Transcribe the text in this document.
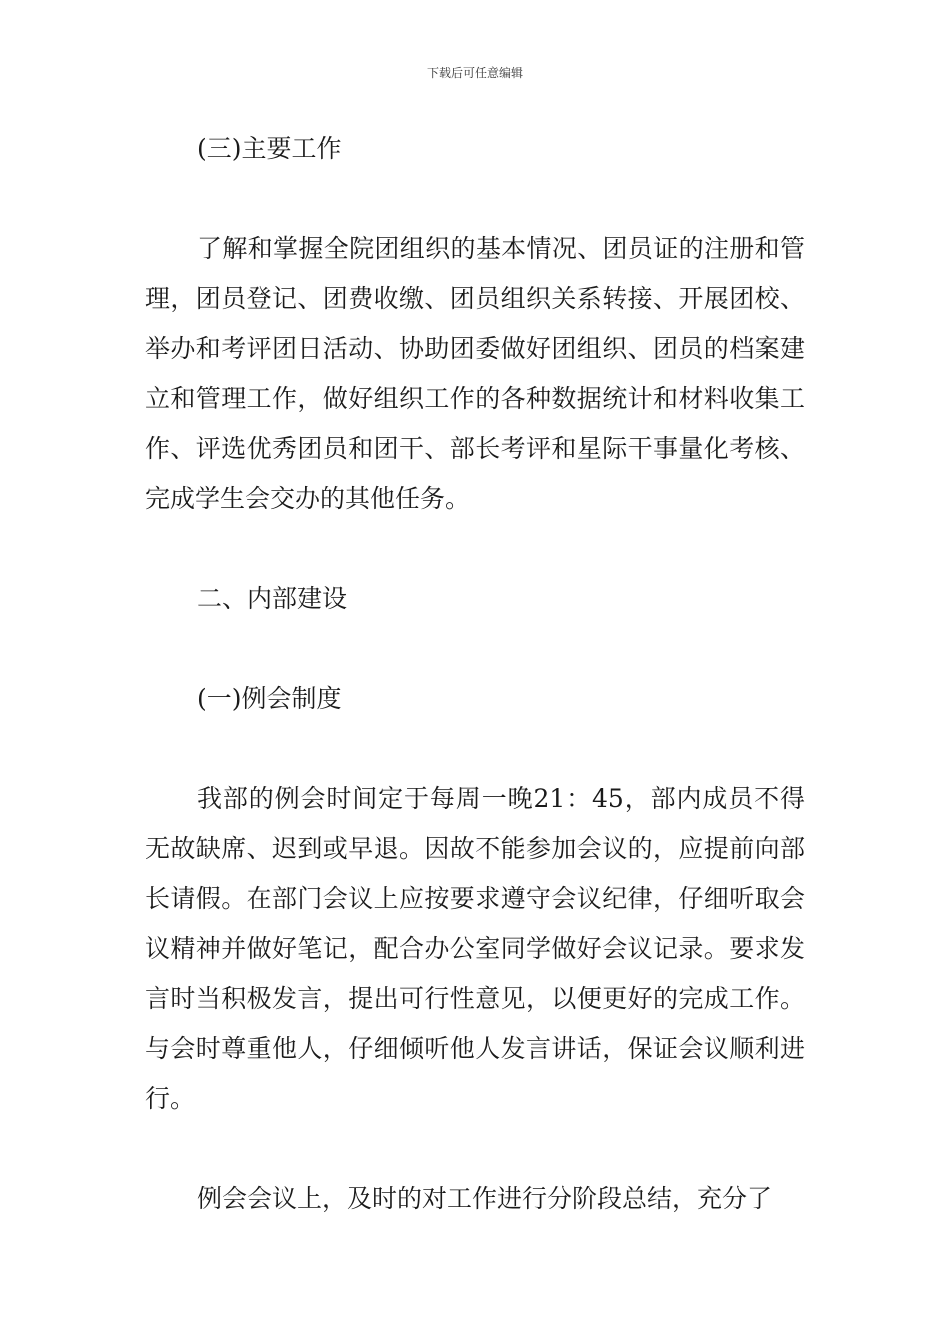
下载后可任意编辑

(三)主要工作

了解和掌握全院团组织的基本情况、团员证的注册和管理，团员登记、团费收缴、团员组织关系转接、开展团校、举办和考评团日活动、协助团委做好团组织、团员的档案建立和管理工作，做好组织工作的各种数据统计和材料收集工作、评选优秀团员和团干、部长考评和星际干事量化考核、完成学生会交办的其他任务。

二、内部建设

(一)例会制度

我部的例会时间定于每周一晚21：45，部内成员不得无故缺席、迟到或早退。因故不能参加会议的，应提前向部长请假。在部门会议上应按要求遵守会议纪律，仔细听取会议精神并做好笔记，配合办公室同学做好会议记录。要求发言时当积极发言，提出可行性意见，以便更好的完成工作。与会时尊重他人，仔细倾听他人发言讲话，保证会议顺利进行。

例会会议上，及时的对工作进行分阶段总结，充分了
